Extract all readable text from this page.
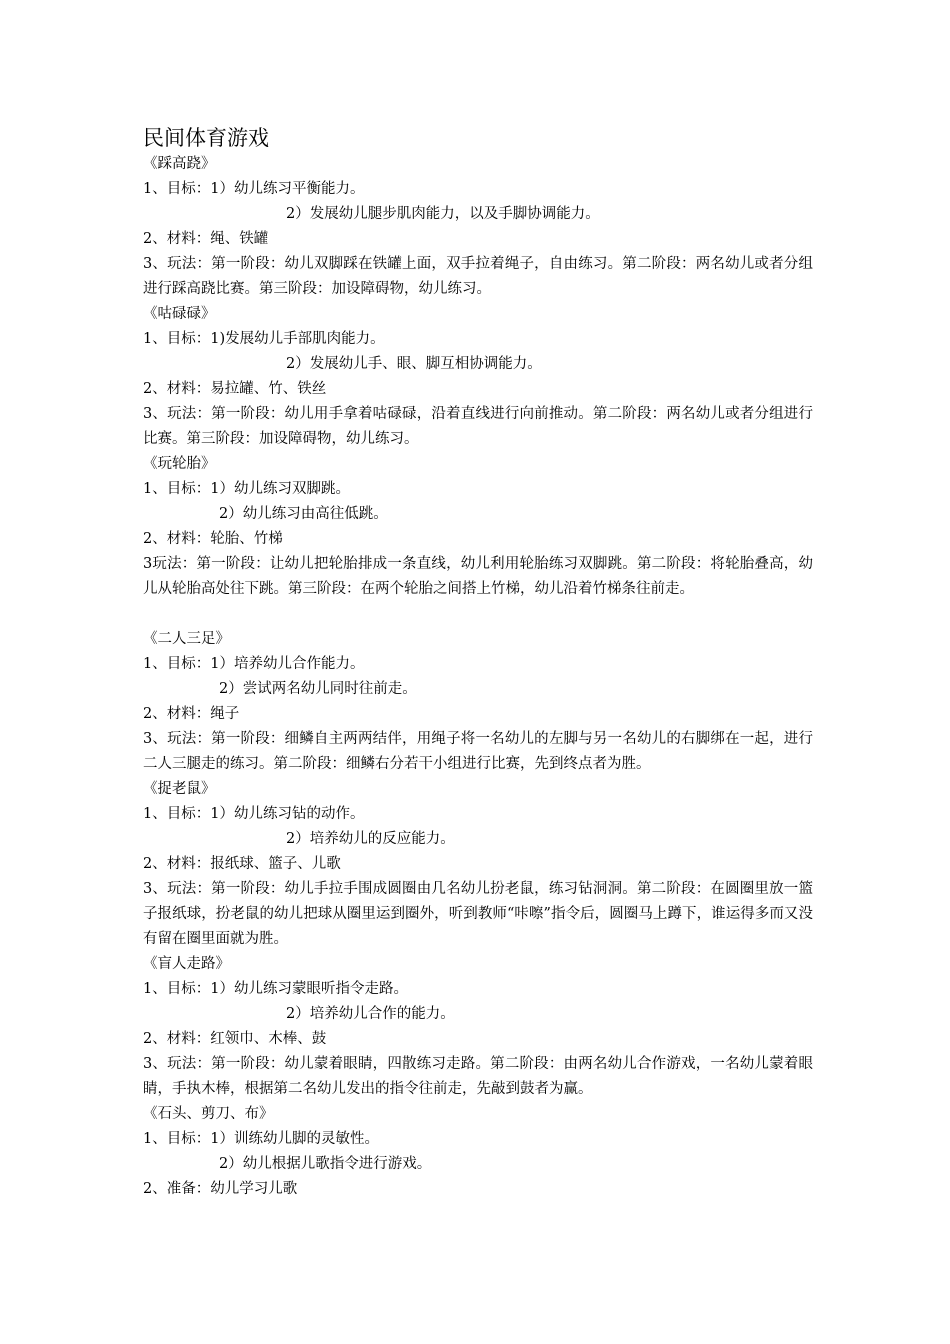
民间体育游戏
《踩高跷》
1、目标：1）幼儿练习平衡能力。
2）发展幼儿腿步肌肉能力，以及手脚协调能力。
2、材料：绳、铁罐
3、玩法：第一阶段：幼儿双脚踩在铁罐上面，双手拉着绳子，自由练习。第二阶段：两名幼儿或者分组进行踩高跷比赛。第三阶段：加设障碍物，幼儿练习。
《咕碌碌》
1、目标：1)发展幼儿手部肌肉能力。
2）发展幼儿手、眼、脚互相协调能力。
2、材料：易拉罐、竹、铁丝
3、玩法：第一阶段：幼儿用手拿着咕碌碌，沿着直线进行向前推动。第二阶段：两名幼儿或者分组进行比赛。第三阶段：加设障碍物，幼儿练习。
《玩轮胎》
1、目标：1）幼儿练习双脚跳。
2）幼儿练习由高往低跳。
2、材料：轮胎、竹梯
3玩法：第一阶段：让幼儿把轮胎排成一条直线，幼儿利用轮胎练习双脚跳。第二阶段：将轮胎叠高，幼儿从轮胎高处往下跳。第三阶段：在两个轮胎之间搭上竹梯，幼儿沿着竹梯条往前走。
《二人三足》
1、目标：1）培养幼儿合作能力。
2）尝试两名幼儿同时往前走。
2、材料：绳子
3、玩法：第一阶段：细鳞自主两两结伴，用绳子将一名幼儿的左脚与另一名幼儿的右脚绑在一起，进行二人三腿走的练习。第二阶段：细鳞右分若干小组进行比赛，先到终点者为胜。
《捉老鼠》
1、目标：1）幼儿练习钻的动作。
2）培养幼儿的反应能力。
2、材料：报纸球、篮子、儿歌
3、玩法：第一阶段：幼儿手拉手围成圆圈由几名幼儿扮老鼠，练习钻洞洞。第二阶段：在圆圈里放一篮子报纸球，扮老鼠的幼儿把球从圈里运到圈外，听到教师“咔嚓”指令后，圆圈马上蹲下，谁运得多而又没有留在圈里面就为胜。
《盲人走路》
1、目标：1）幼儿练习蒙眼听指令走路。
2）培养幼儿合作的能力。
2、材料：红领巾、木棒、鼓
3、玩法：第一阶段：幼儿蒙着眼睛，四散练习走路。第二阶段：由两名幼儿合作游戏，一名幼儿蒙着眼睛，手执木棒，根据第二名幼儿发出的指令往前走，先敲到鼓者为赢。
《石头、剪刀、布》
1、目标：1）训练幼儿脚的灵敏性。
2）幼儿根据儿歌指令进行游戏。
2、准备：幼儿学习儿歌
